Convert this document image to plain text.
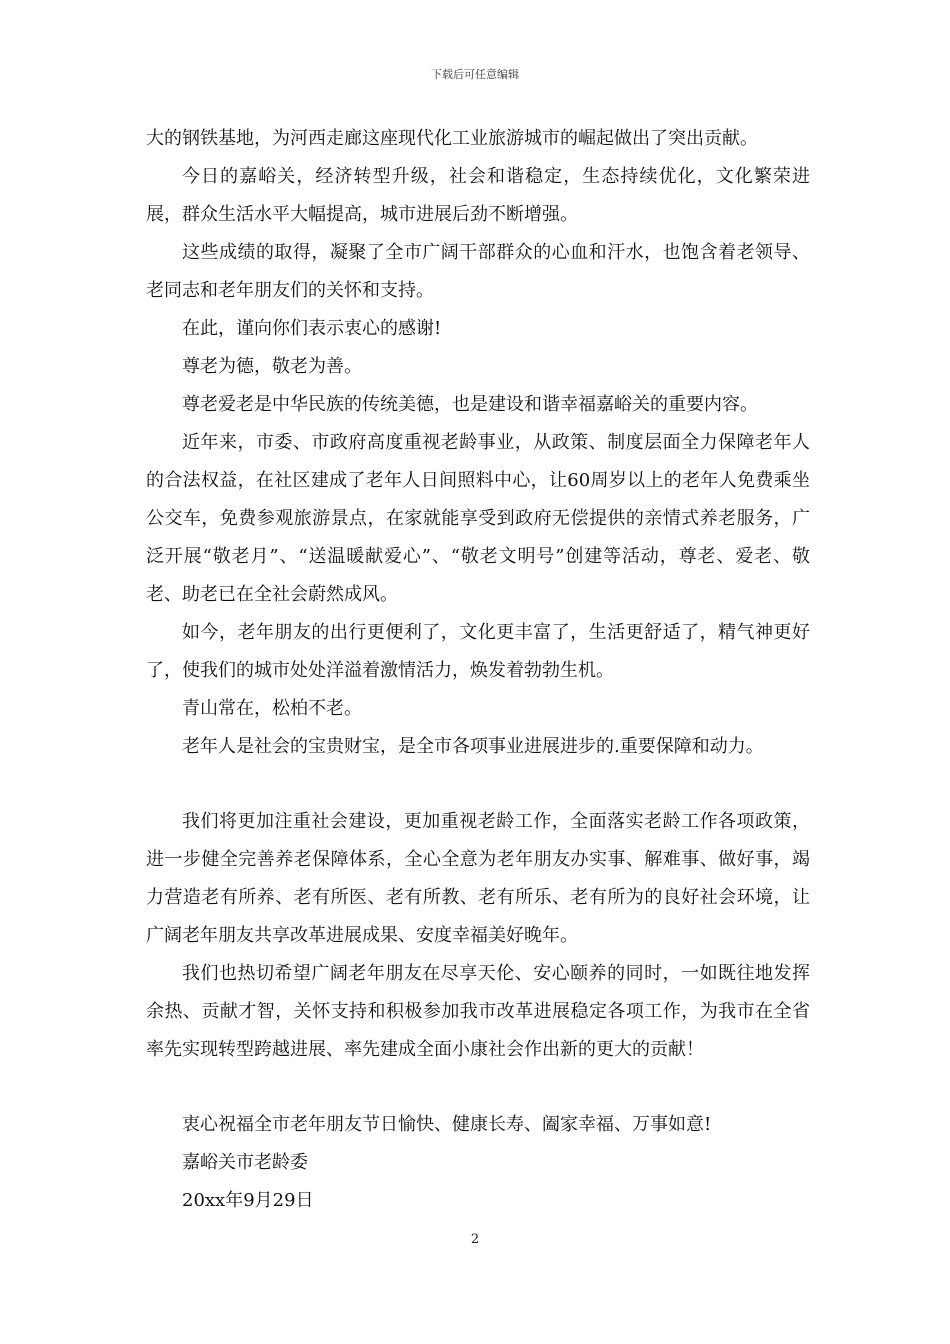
下载后可任意编辑

大的钢铁基地，为河西走廊这座现代化工业旅游城市的崛起做出了突出贡献。

今日的嘉峪关，经济转型升级，社会和谐稳定，生态持续优化，文化繁荣进展，群众生活水平大幅提高，城市进展后劲不断增强。

这些成绩的取得，凝聚了全市广阔干部群众的心血和汗水，也饱含着老领导、老同志和老年朋友们的关怀和支持。

在此，谨向你们表示衷心的感谢!

尊老为德，敬老为善。

尊老爱老是中华民族的传统美德，也是建设和谐幸福嘉峪关的重要内容。

近年来，市委、市政府高度重视老龄事业，从政策、制度层面全力保障老年人的合法权益，在社区建成了老年人日间照料中心，让60周岁以上的老年人免费乘坐公交车，免费参观旅游景点，在家就能享受到政府无偿提供的亲情式养老服务，广泛开展“敬老月”、“送温暖献爱心”、“敬老文明号”创建等活动，尊老、爱老、敬老、助老已在全社会蔚然成风。

如今，老年朋友的出行更便利了，文化更丰富了，生活更舒适了，精气神更好了，使我们的城市处处洋溢着激情活力，焕发着勃勃生机。

青山常在，松柏不老。

老年人是社会的宝贵财宝，是全市各项事业进展进步的.重要保障和动力。

我们将更加注重社会建设，更加重视老龄工作，全面落实老龄工作各项政策，进一步健全完善养老保障体系，全心全意为老年朋友办实事、解难事、做好事，竭力营造老有所养、老有所医、老有所教、老有所乐、老有所为的良好社会环境，让广阔老年朋友共享改革进展成果、安度幸福美好晚年。

我们也热切希望广阔老年朋友在尽享天伦、安心颐养的同时，一如既往地发挥余热、贡献才智，关怀支持和积极参加我市改革进展稳定各项工作，为我市在全省率先实现转型跨越进展、率先建成全面小康社会作出新的更大的贡献！

衷心祝福全市老年朋友节日愉快、健康长寿、阖家幸福、万事如意!

嘉峪关市老龄委

20xx年9月29日

2
